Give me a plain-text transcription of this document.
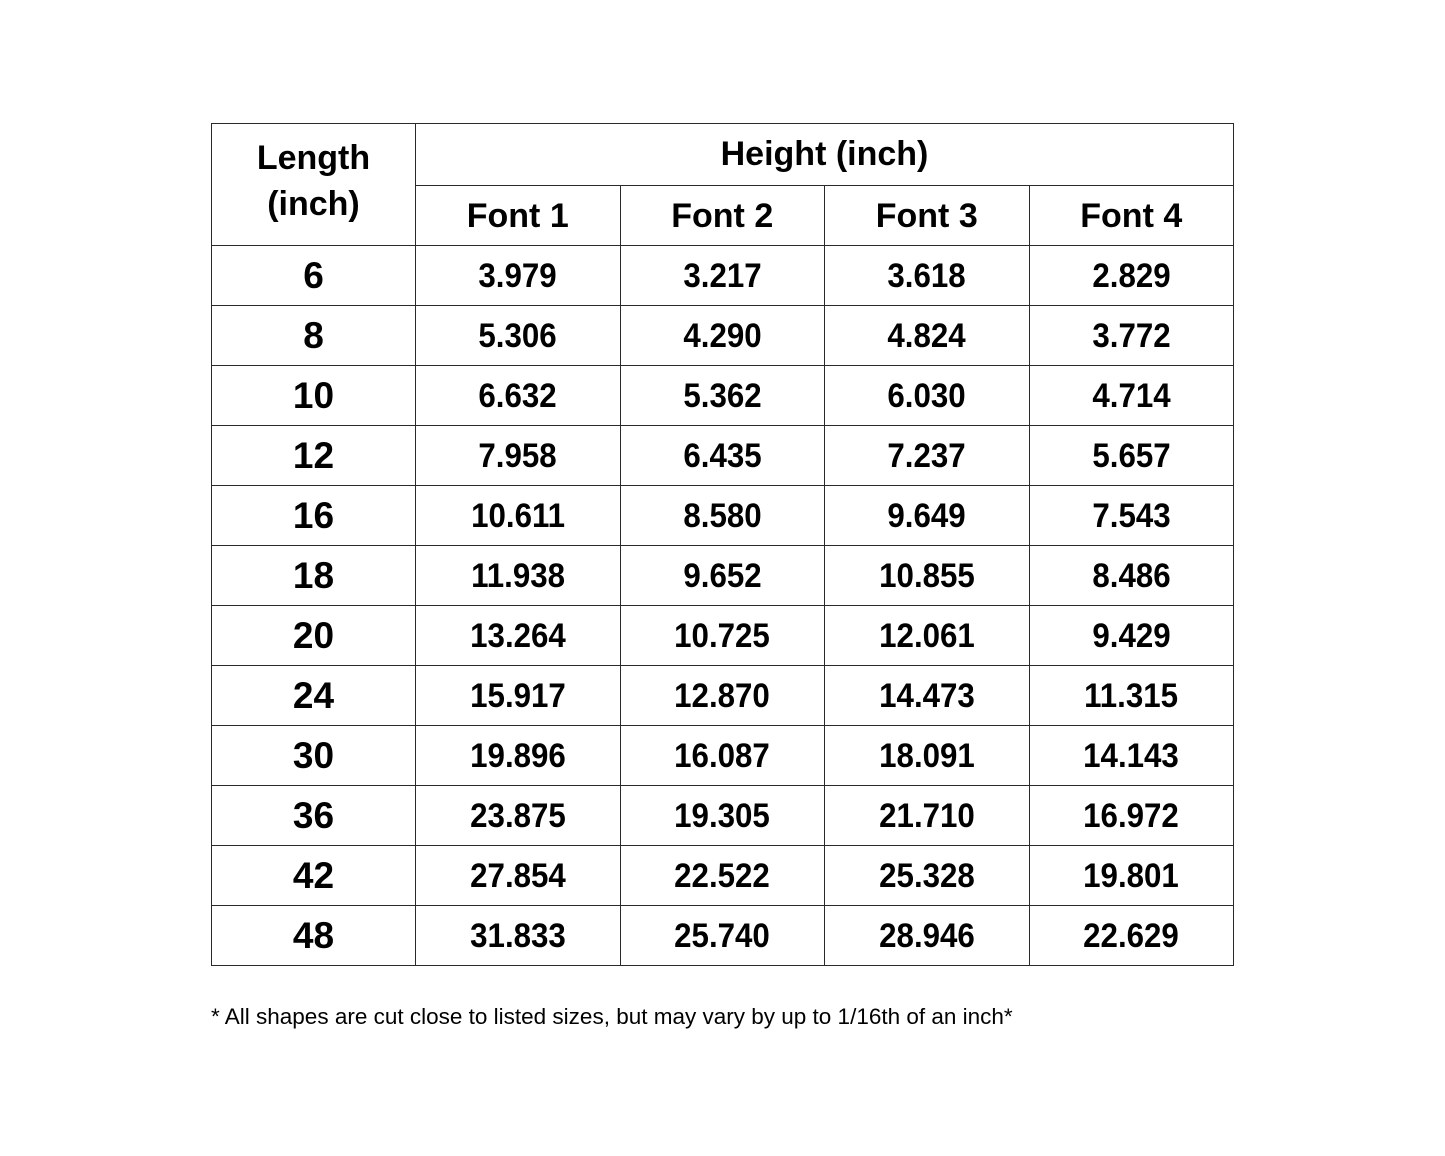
Length
(inch)	Height (inch)			
	Font 1	Font 2	Font 3	Font 4
6	3.979	3.217	3.618	2.829
8	5.306	4.290	4.824	3.772
10	6.632	5.362	6.030	4.714
12	7.958	6.435	7.237	5.657
16	10.611	8.580	9.649	7.543
18	11.938	9.652	10.855	8.486
20	13.264	10.725	12.061	9.429
24	15.917	12.870	14.473	11.315
30	19.896	16.087	18.091	14.143
36	23.875	19.305	21.710	16.972
42	27.854	22.522	25.328	19.801
48	31.833	25.740	28.946	22.629
* All shapes are cut close to listed sizes, but may vary by up to 1/16th of an inch*
